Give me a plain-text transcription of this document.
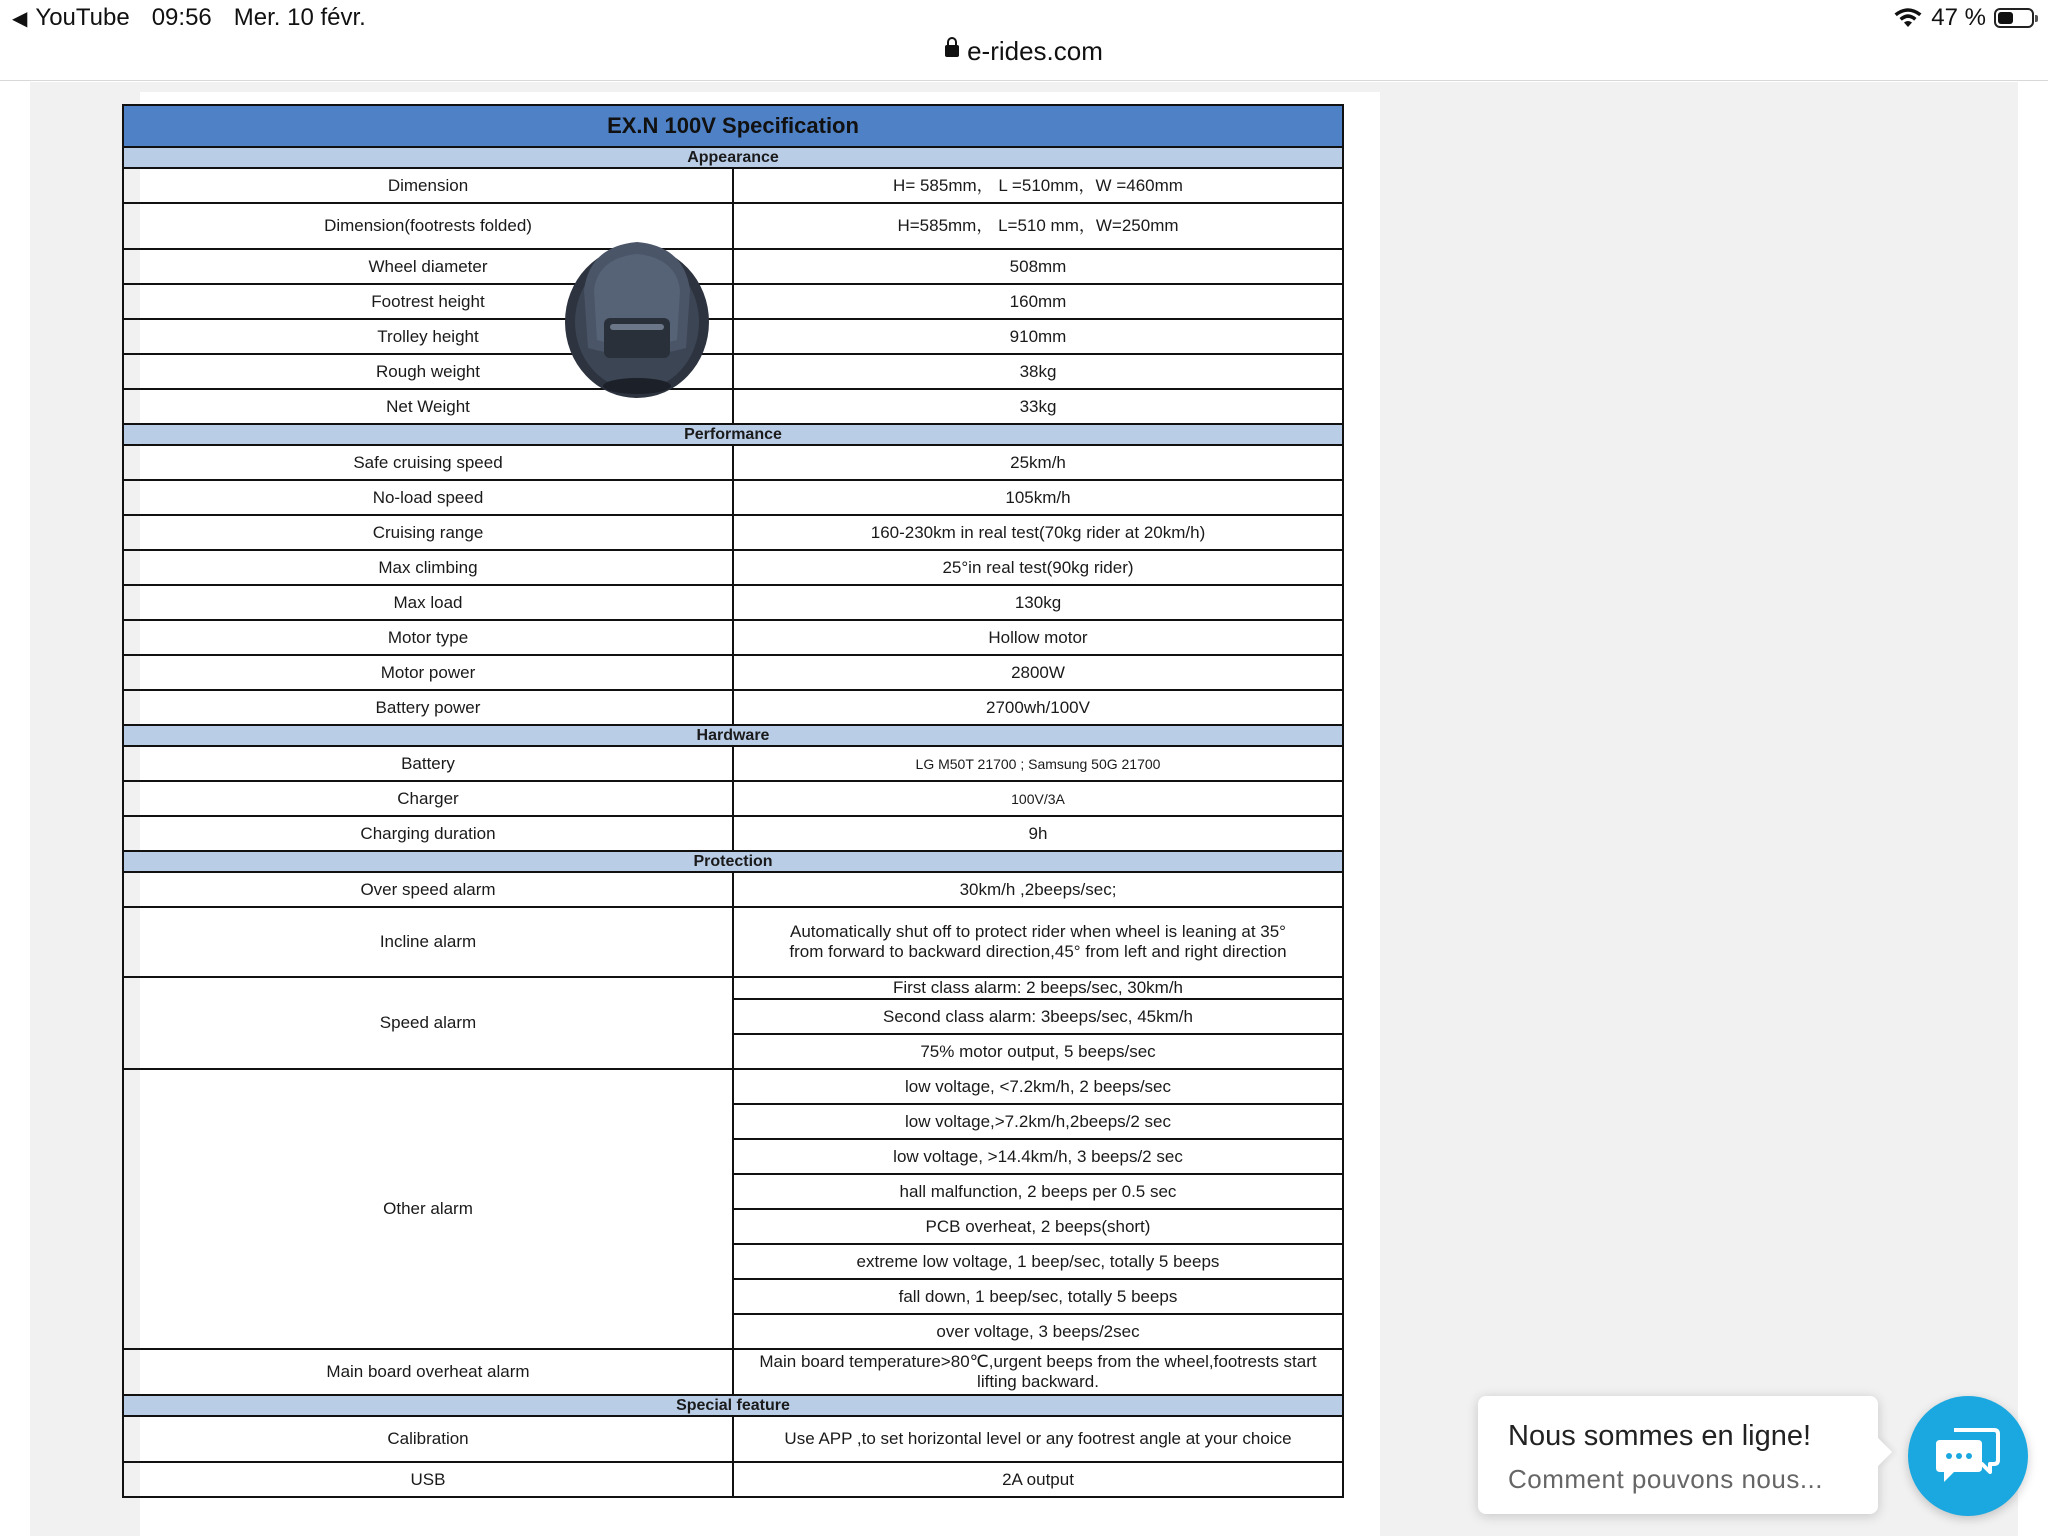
◀ YouTube 09:56 Mer. 10 févr.	47 %
e-rides.com
EX.N 100V Specification	
Appearance	
Dimension	H= 585mm， L =510mm，W =460mm
Dimension(footrests folded)	H=585mm， L=510 mm，W=250mm
Wheel diameter	508mm
Footrest height	160mm
Trolley height	910mm
Rough weight	38kg
Net Weight	33kg
Performance	
Safe cruising speed	25km/h
No-load speed	105km/h
Cruising range	160-230km in real test(70kg rider at 20km/h)
Max climbing	25°in real test(90kg rider)
Max load	130kg
Motor type	Hollow motor
Motor power	2800W
Battery power	2700wh/100V
Hardware	
Battery	LG M50T 21700 ; Samsung 50G 21700
Charger	100V/3A
Charging duration	9h
Protection	
Over speed alarm	30km/h ,2beeps/sec;
Incline alarm	Automatically shut off to protect rider when wheel is leaning at 35° from forward to backward direction,45° from left and right direction
Speed alarm	First class alarm: 2 beeps/sec, 30km/h
	Second class alarm: 3beeps/sec, 45km/h
	75% motor output, 5 beeps/sec
Other alarm	low voltage, <7.2km/h, 2 beeps/sec
	low voltage,>7.2km/h,2beeps/2 sec
	low voltage, >14.4km/h, 3 beeps/2 sec
	hall malfunction, 2 beeps per 0.5 sec
	PCB overheat, 2 beeps(short)
	extreme low voltage, 1 beep/sec, totally 5 beeps
	fall down, 1 beep/sec, totally 5 beeps
	over voltage, 3 beeps/2sec
Main board overheat alarm	Main board temperature>80℃,urgent beeps from the wheel,footrests start lifting backward.
Special feature	
Calibration	Use APP ,to set horizontal level or any footrest angle at your choice
USB	2A output
Nous sommes en ligne!
Comment pouvons nous...
